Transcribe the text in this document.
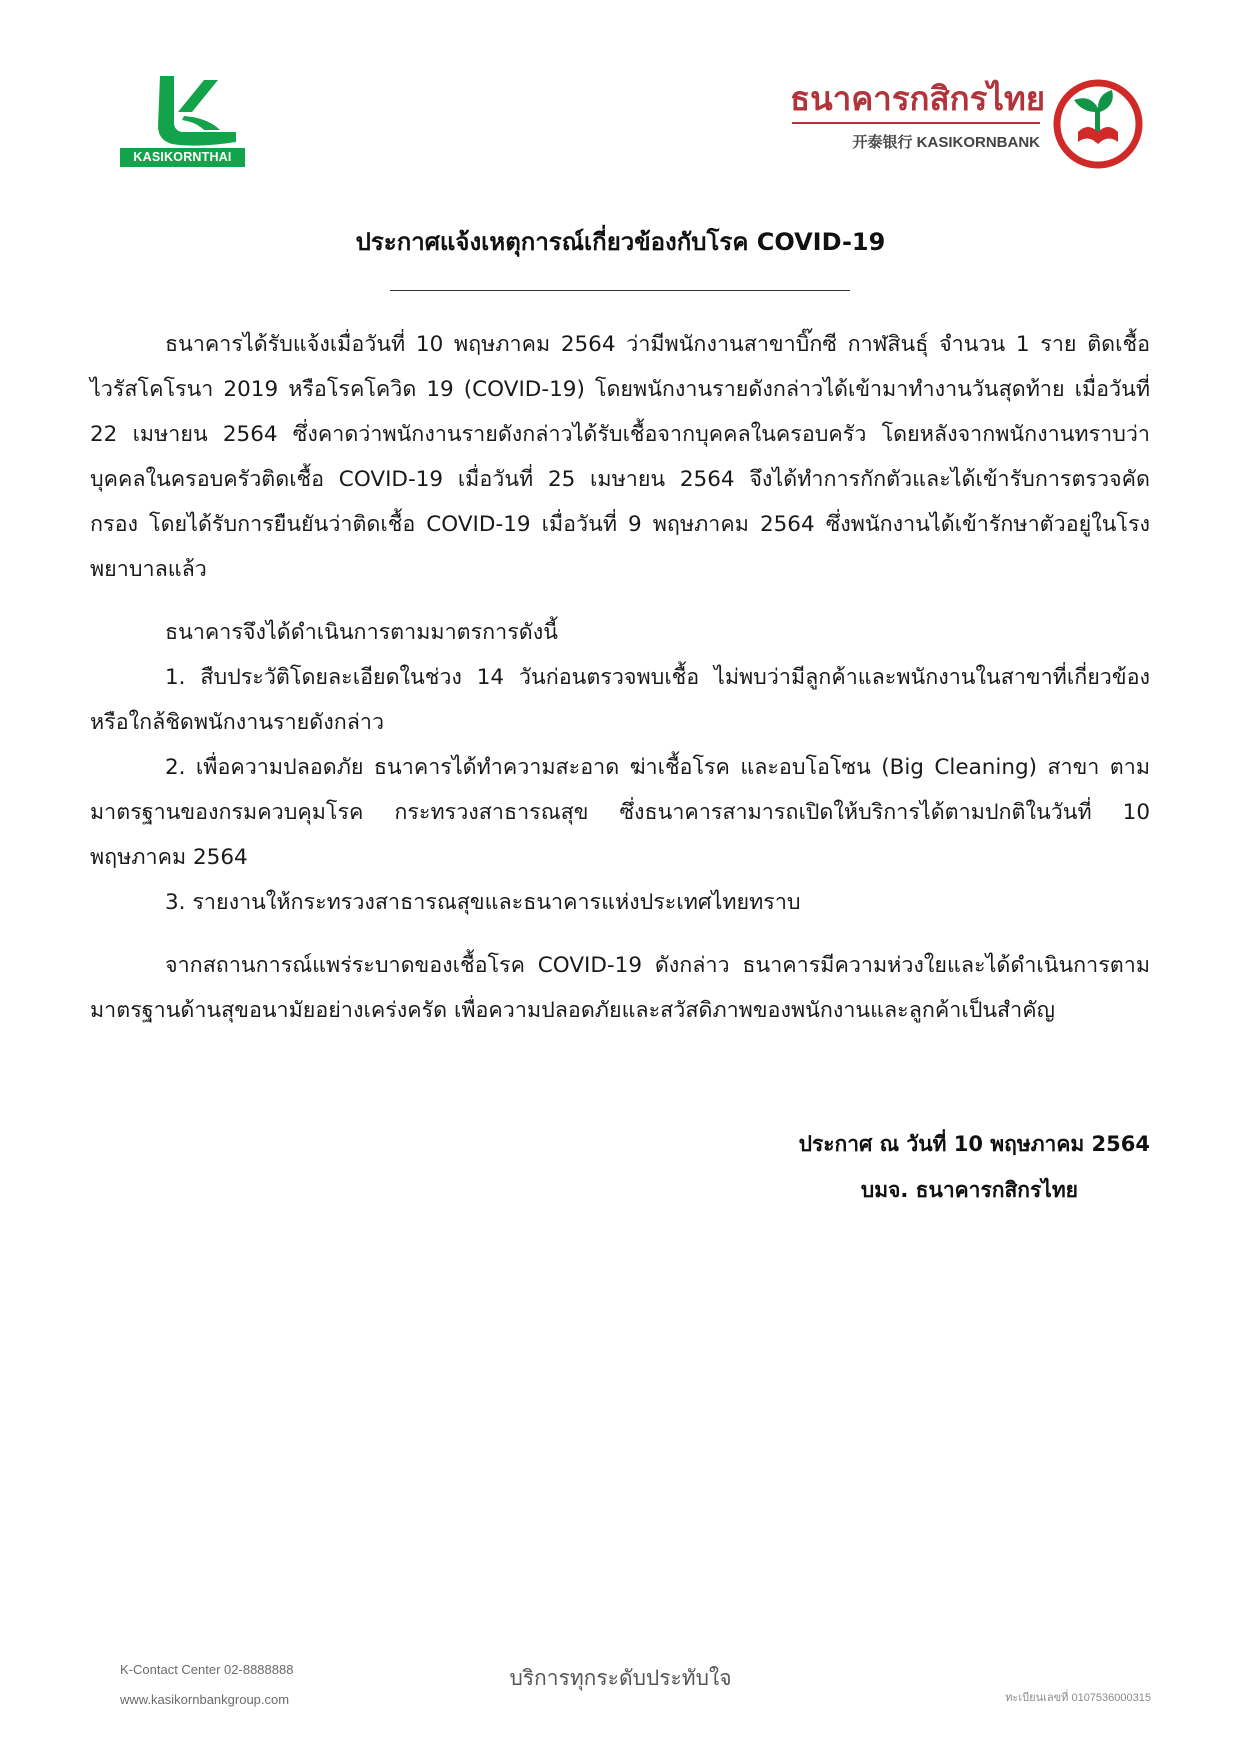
KASIKORNTHAI
ธนาคารกสิกรไทย
开泰银行 KASIKORNBANK
ประกาศแจ้งเหตุการณ์เกี่ยวข้องกับโรค COVID-19

ธนาคารได้รับแจ้งเมื่อวันที่ 10 พฤษภาคม 2564 ว่ามีพนักงานสาขาบิ๊กซี กาฬสินธุ์ จำนวน 1 ราย ติดเชื้อไวรัสโคโรนา 2019 หรือโรคโควิด 19 (COVID-19) โดยพนักงานรายดังกล่าวได้เข้ามาทำงานวันสุดท้าย เมื่อวันที่ 22 เมษายน 2564 ซึ่งคาดว่าพนักงานรายดังกล่าวได้รับเชื้อจากบุคคลในครอบครัว โดยหลังจากพนักงานทราบว่าบุคคลในครอบครัวติดเชื้อ COVID-19 เมื่อวันที่ 25 เมษายน 2564 จึงได้ทำการกักตัวและได้เข้ารับการตรวจคัดกรอง โดยได้รับการยืนยันว่าติดเชื้อ COVID-19 เมื่อวันที่ 9 พฤษภาคม 2564 ซึ่งพนักงานได้เข้ารักษาตัวอยู่ในโรงพยาบาลแล้ว

ธนาคารจึงได้ดำเนินการตามมาตรการดังนี้

1. สืบประวัติโดยละเอียดในช่วง 14 วันก่อนตรวจพบเชื้อ ไม่พบว่ามีลูกค้าและพนักงานในสาขาที่เกี่ยวข้องหรือใกล้ชิดพนักงานรายดังกล่าว

2. เพื่อความปลอดภัย ธนาคารได้ทำความสะอาด ฆ่าเชื้อโรค และอบโอโซน (Big Cleaning) สาขา ตามมาตรฐานของกรมควบคุมโรค กระทรวงสาธารณสุข ซึ่งธนาคารสามารถเปิดให้บริการได้ตามปกติในวันที่ 10 พฤษภาคม 2564

3. รายงานให้กระทรวงสาธารณสุขและธนาคารแห่งประเทศไทยทราบ

จากสถานการณ์แพร่ระบาดของเชื้อโรค COVID-19 ดังกล่าว ธนาคารมีความห่วงใยและได้ดำเนินการตามมาตรฐานด้านสุขอนามัยอย่างเคร่งครัด เพื่อความปลอดภัยและสวัสดิภาพของพนักงานและลูกค้าเป็นสำคัญ

ประกาศ ณ วันที่ 10 พฤษภาคม 2564
บมจ. ธนาคารกสิกรไทย
K-Contact Center 02-8888888
www.kasikornbankgroup.com
บริการทุกระดับประทับใจ
ทะเบียนเลขที่ 0107536000315
